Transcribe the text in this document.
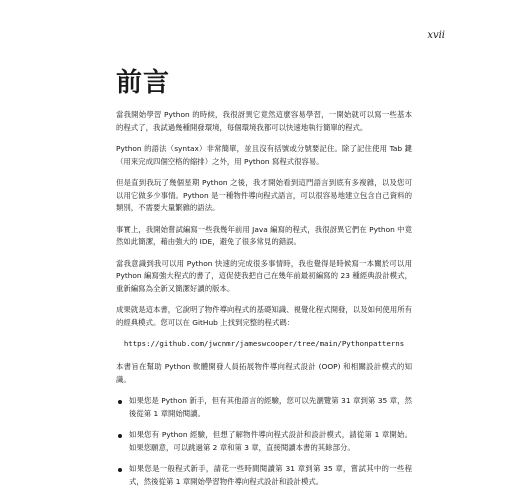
xvii
前言

當我開始學習 Python 的時候，我很訝異它竟然這麼容易學習，一開始就可以寫一些基本的程式了，我試過幾種開發環境，每個環境我都可以快速地執行簡單的程式。

Python 的語法（syntax）非常簡單，並且沒有括號或分號要記住。除了記住使用 Tab 鍵（用來完成四個空格的縮排）之外，用 Python 寫程式很容易。

但是直到我玩了幾個星期 Python 之後，我才開始看到這門語言到底有多複雜，以及您可以用它做多少事情。Python 是一種物件導向程式語言，可以很容易地建立包含自己資料的類別，不需要大量繁雜的語法。

事實上，我開始嘗試編寫一些我幾年前用 Java 編寫的程式，我很訝異它們在 Python 中竟然如此簡潔，藉由強大的 IDE，避免了很多常見的錯誤。

當我意識到我可以用 Python 快速的完成很多事情時，我也覺得是時候寫一本關於可以用 Python 編寫強大程式的書了，這促使我把自己在幾年前最初編寫的 23 種經典設計模式，重新編寫為全新又簡潔好讀的版本。

成果就是這本書，它說明了物件導向程式的基礎知識、視覺化程式開發，以及如何使用所有的經典模式。您可以在 GitHub 上找到完整的程式碼：

https://github.com/jwcnmr/jameswcooper/tree/main/Pythonpatterns

本書旨在幫助 Python 軟體開發人員拓展物件導向程式設計 (OOP) 和相關設計模式的知識。

如果您是 Python 新手，但有其他語言的經驗，您可以先瀏覽第 31 章到第 35 章，然後從第 1 章開始閱讀。
如果您有 Python 經驗，但想了解物件導向程式設計和設計模式，請從第 1 章開始。如果您願意，可以跳過第 2 章和第 3 章，直接閱讀本書的其餘部分。
如果您是一般程式新手，請花一些時間閱讀第 31 章到第 35 章，嘗試其中的一些程式，然後從第 1 章開始學習物件導向程式設計和設計模式。
